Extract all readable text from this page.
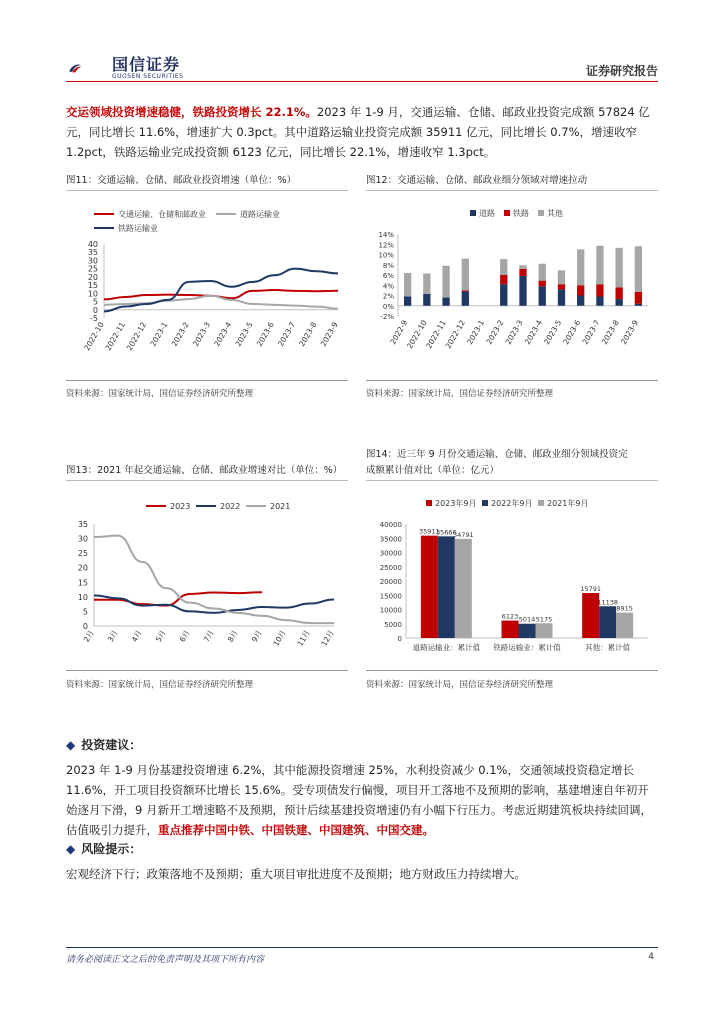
国信证券
GUOSEN SECURITIES	证券研究报告
交运领域投资增速稳健，铁路投资增长 22.1%。2023 年 1-9 月，交通运输、仓储、邮政业投资完成额 57824 亿元，同比增长 11.6%，增速扩大 0.3pct。其中道路运输业投资完成额 35911 亿元，同比增长 0.7%，增速收窄 1.2pct，铁路运输业完成投资额 6123 亿元，同比增长 22.1%，增速收窄 1.3pct。
图11：交通运输、仓储、邮政业投资增速（单位：%）
-5
0
5
10
15
20
25
30
35
40
2022-10
2022-11
2022-12 2023-1 2023-2 2023-3 2023-4 2023-5 2023-6 2023-7 2023-8 2023-9
交通运输、仓储和邮政业	道路运输业
铁路运输业
资料来源：国家统计局，国信证券经济研究所整理
图12：交通运输、仓储、邮政业细分领域对增速拉动
-2%
0%
2%
4%
6%
8%
10%
12%
14%
2022-9
2022-10
2022-11
2022-12
2023-1
2023-2
2023-3
2023-4
2023-5
2023-6
2023-7
2023-8
2023-9
道路 铁路 其他
资料来源：国家统计局，国信证券经济研究所整理
图13：2021 年起交通运输、仓储、邮政业增速对比（单位：%）
0
5
10
15
20
25
30
35
2月 3月 4月 5月 6月 7月 8月 9月 10月 11月 12月
2023	2022	2021
资料来源：国家统计局，国信证券经济研究所整理
图14：近三年 9 月份交通运输、仓储、邮政业细分领域投资完
成额累计值对比（单位：亿元）
0
5000
10000
15000
20000
25000
30000
35000
40000
35911
35666
34791
道路运输业：累计值
6123 5014 5175
铁路运输业：累计值
15791
11138
8915
其他：累计值
2023年9月 2022年9月 2021年9月
资料来源：国家统计局，国信证券经济研究所整理
◆ 投资建议：
2023 年 1-9 月份基建投资增速 6.2%，其中能源投资增速 25%，水利投资减少 0.1%，交通领域投资稳定增长 11.6%，开工项目投资额环比增长 15.6%。受专项债发行偏慢，项目开工落地不及预期的影响，基建增速自年初开始逐月下滑，9 月新开工增速略不及预期，预计后续基建投资增速仍有小幅下行压力。考虑近期建筑板块持续回调，估值吸引力提升，重点推荐中国中铁、中国铁建、中国建筑、中国交建。
◆ 风险提示：
宏观经济下行；政策落地不及预期；重大项目审批进度不及预期；地方财政压力持续增大。
请务必阅读正文之后的免责声明及其项下所有内容	4
